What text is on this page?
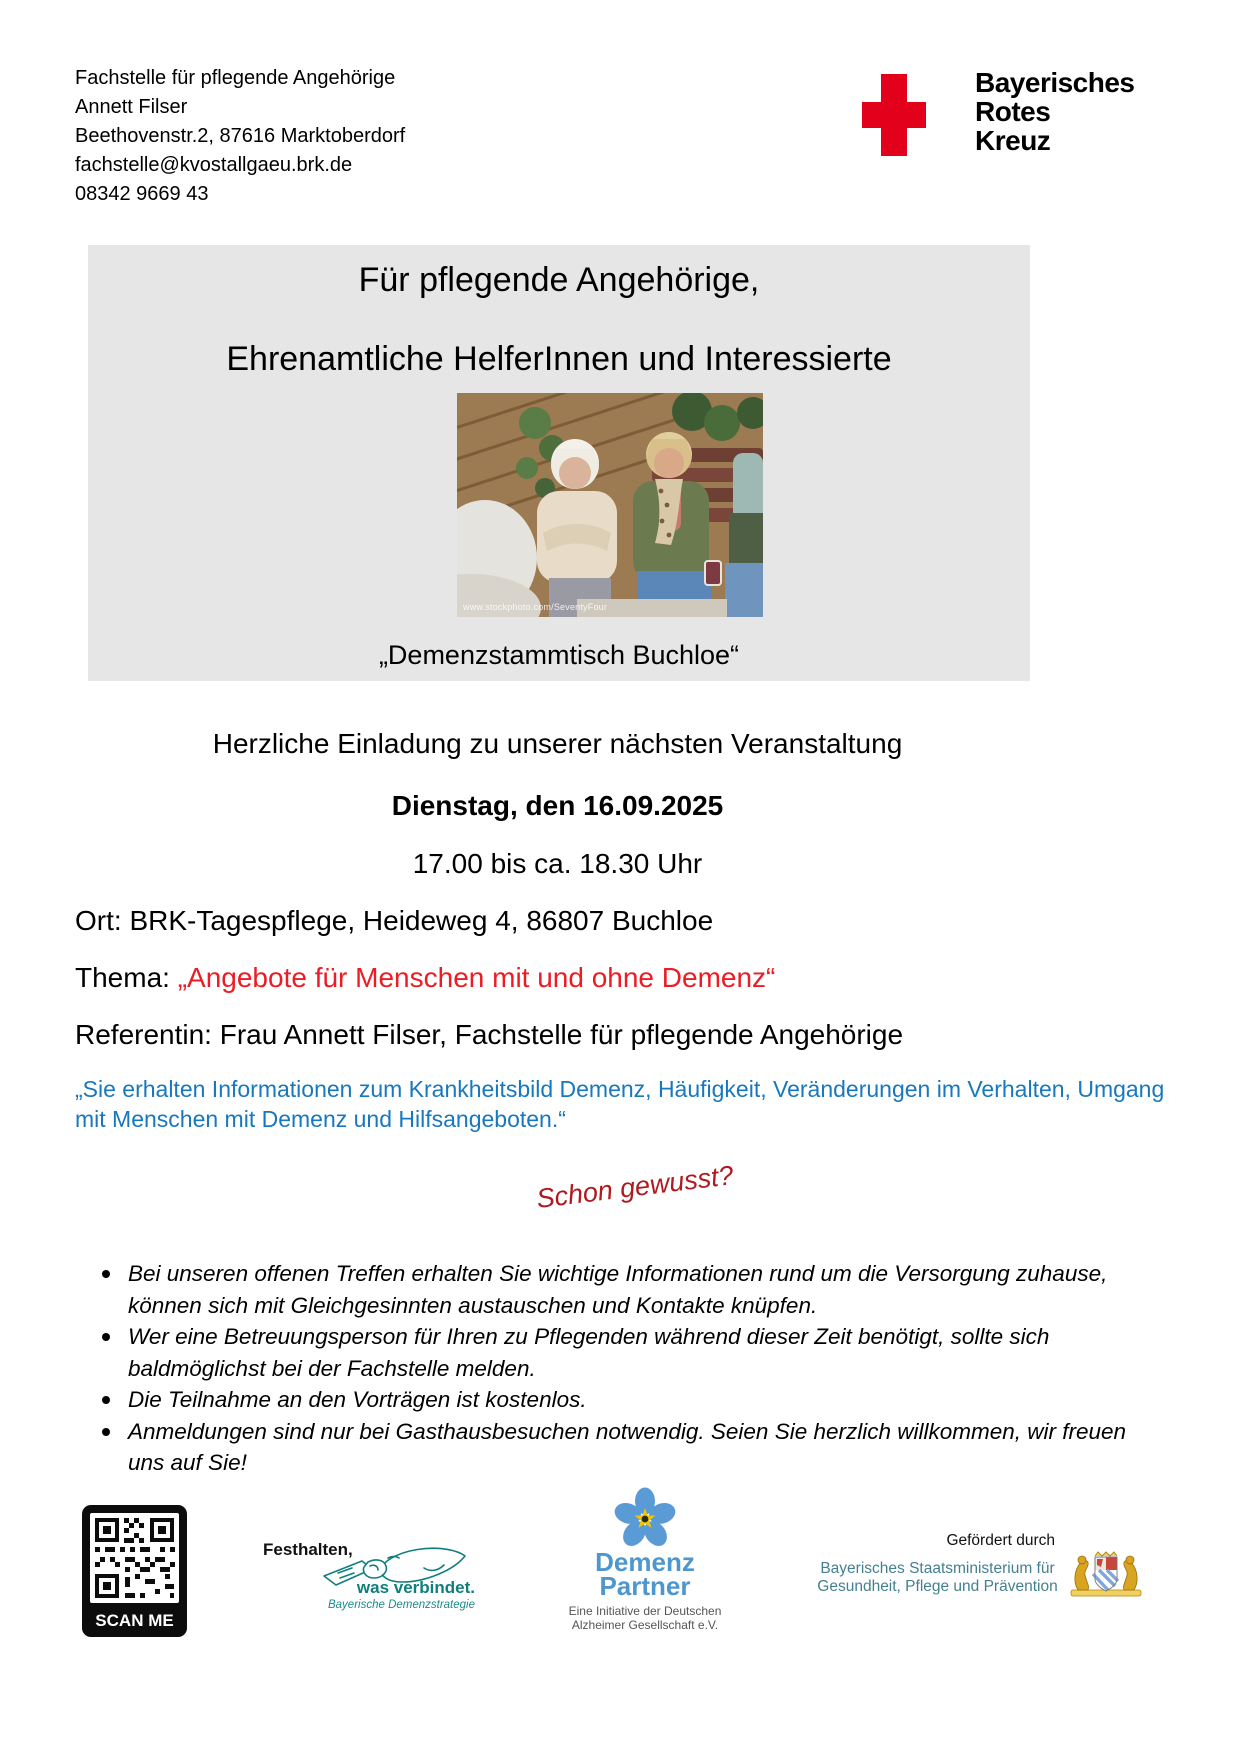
Fachstelle für pflegende Angehörige
Annett Filser
Beethovenstr.2, 87616 Marktoberdorf
fachstelle@kvostallgaeu.brk.de
08342 9669 43
Bayerisches
Rotes
Kreuz
Für pflegende Angehörige,
Ehrenamtliche HelferInnen und Interessierte
www.stockphoto.com/SeventyFour
„Demenzstammtisch Buchloe“
Herzliche Einladung zu unserer nächsten Veranstaltung
Dienstag, den 16.09.2025
17.00 bis ca. 18.30 Uhr
Ort: BRK-Tagespflege, Heideweg 4, 86807 Buchloe
Thema: „Angebote für Menschen mit und ohne Demenz“
Referentin: Frau Annett Filser, Fachstelle für pflegende Angehörige
„Sie erhalten Informationen zum Krankheitsbild Demenz, Häufigkeit, Veränderungen im Verhalten, Umgang mit Menschen mit Demenz und Hilfsangeboten.“
Schon gewusst?
Bei unseren offenen Treffen erhalten Sie wichtige Informationen rund um die Versorgung zuhause, können sich mit Gleichgesinnten austauschen und Kontakte knüpfen.
Wer eine Betreuungsperson für Ihren zu Pflegenden während dieser Zeit benötigt, sollte sich baldmöglichst bei der Fachstelle melden.
Die Teilnahme an den Vorträgen ist kostenlos.
Anmeldungen sind nur bei Gasthausbesuchen notwendig. Seien Sie herzlich willkommen, wir freuen uns auf Sie!
SCAN ME
Festhalten,
was verbindet.
Bayerische Demenzstrategie
Demenz
Partner
Eine Initiative der Deutschen
Alzheimer Gesellschaft e.V.
Gefördert durch
Bayerisches Staatsministerium für
Gesundheit, Pflege und Prävention
